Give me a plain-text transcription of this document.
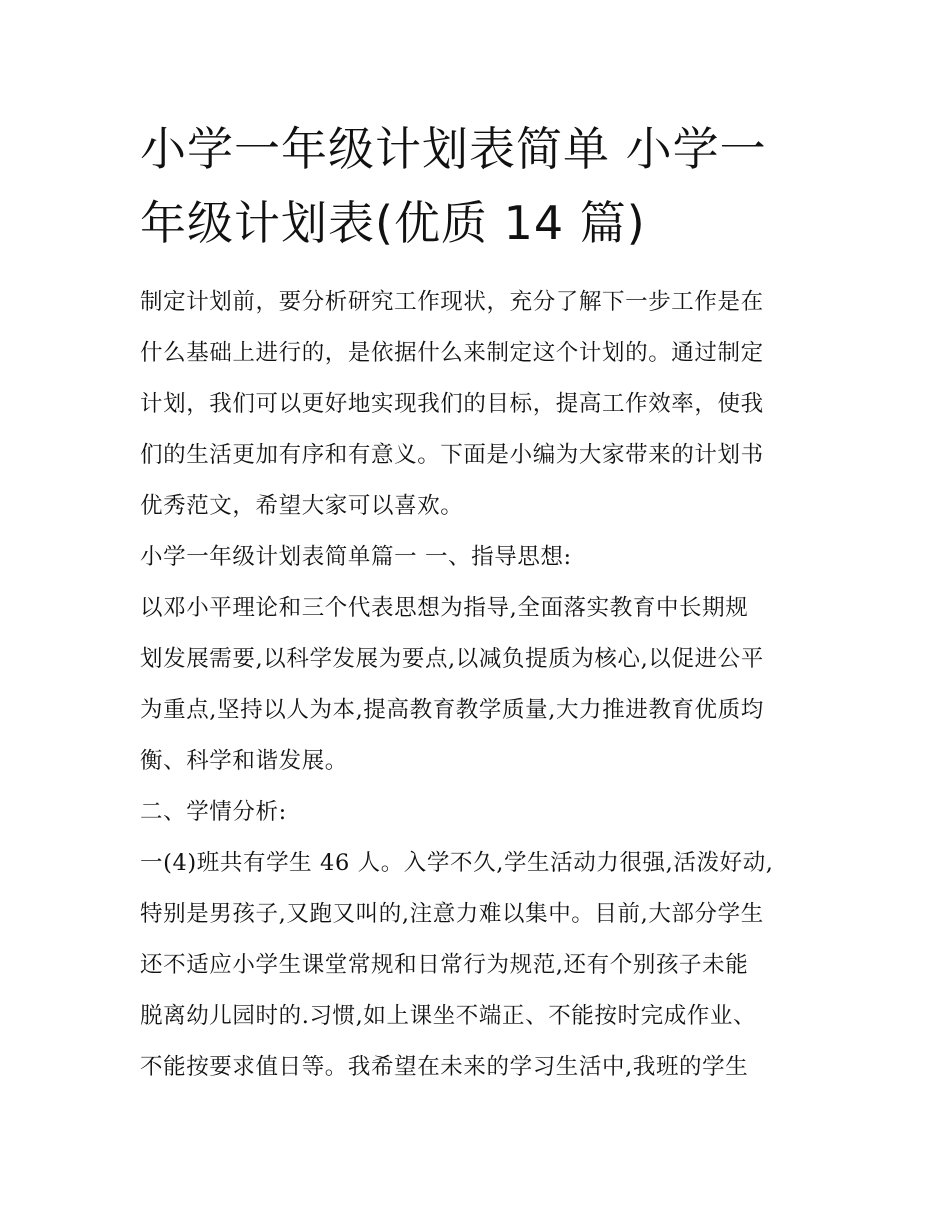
小学一年级计划表简单 小学一
年级计划表(优质 14 篇)
制定计划前，要分析研究工作现状，充分了解下一步工作是在
什么基础上进行的，是依据什么来制定这个计划的。通过制定
计划，我们可以更好地实现我们的目标，提高工作效率，使我
们的生活更加有序和有意义。下面是小编为大家带来的计划书
优秀范文，希望大家可以喜欢。
小学一年级计划表简单篇一 一、指导思想:
以邓小平理论和三个代表思想为指导,全面落实教育中长期规
划发展需要,以科学发展为要点,以减负提质为核心,以促进公平
为重点,坚持以人为本,提高教育教学质量,大力推进教育优质均
衡、科学和谐发展。
二、学情分析:
一(4)班共有学生 46 人。入学不久,学生活动力很强,活泼好动,
特别是男孩子,又跑又叫的,注意力难以集中。目前,大部分学生
还不适应小学生课堂常规和日常行为规范,还有个别孩子未能
脱离幼儿园时的.习惯,如上课坐不端正、不能按时完成作业、
不能按要求值日等。我希望在未来的学习生活中,我班的学生
